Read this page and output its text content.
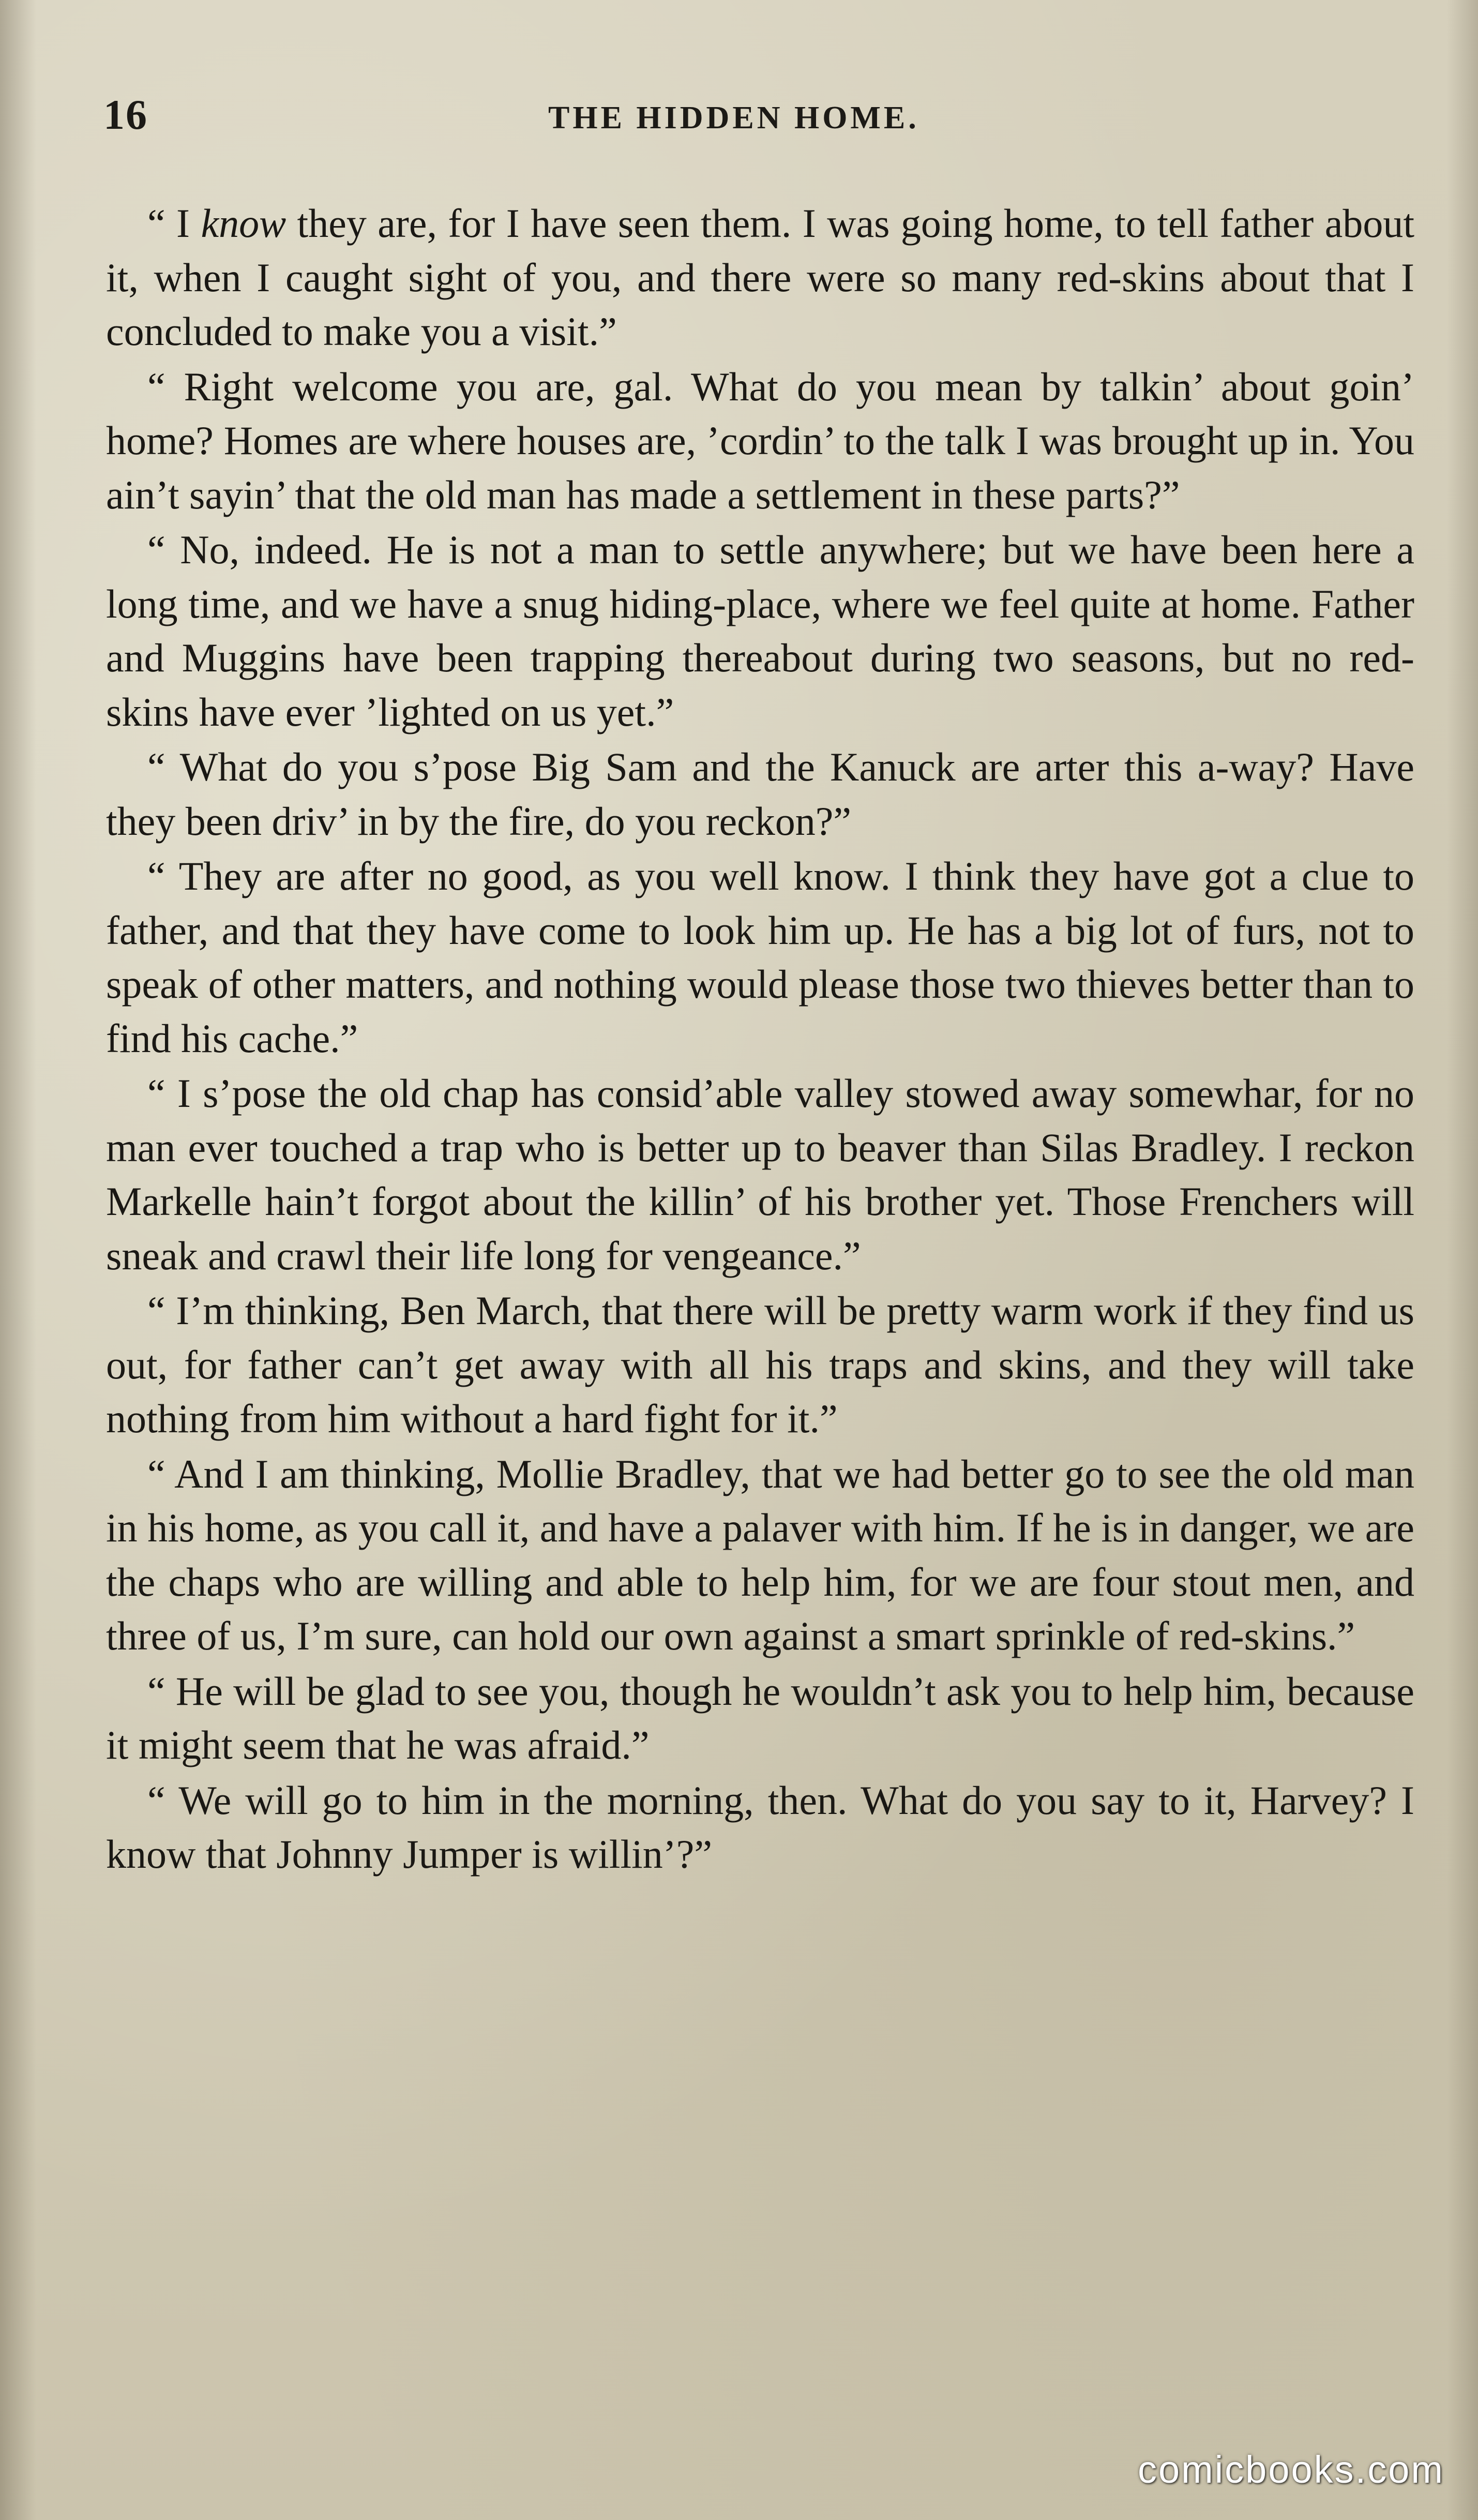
16	THE HIDDEN HOME.

“ I know they are, for I have seen them. I was going home, to tell father about it, when I caught sight of you, and there were so many red-skins about that I concluded to make you a visit.”

“ Right welcome you are, gal. What do you mean by talkin’ about goin’ home? Homes are where houses are, ’cordin’ to the talk I was brought up in. You ain’t sayin’ that the old man has made a settlement in these parts?”

“ No, indeed. He is not a man to settle anywhere; but we have been here a long time, and we have a snug hiding-place, where we feel quite at home. Father and Muggins have been trapping thereabout during two seasons, but no red-skins have ever ’lighted on us yet.”

“ What do you s’pose Big Sam and the Kanuck are arter this a-way? Have they been driv’ in by the fire, do you reckon?”

“ They are after no good, as you well know. I think they have got a clue to father, and that they have come to look him up. He has a big lot of furs, not to speak of other matters, and nothing would please those two thieves better than to find his cache.”

“ I s’pose the old chap has consid’able valley stowed away somewhar, for no man ever touched a trap who is better up to beaver than Silas Bradley. I reckon Markelle hain’t forgot about the killin’ of his brother yet. Those Frenchers will sneak and crawl their life long for vengeance.”

“ I’m thinking, Ben March, that there will be pretty warm work if they find us out, for father can’t get away with all his traps and skins, and they will take nothing from him without a hard fight for it.”

“ And I am thinking, Mollie Bradley, that we had better go to see the old man in his home, as you call it, and have a palaver with him. If he is in danger, we are the chaps who are willing and able to help him, for we are four stout men, and three of us, I’m sure, can hold our own against a smart sprinkle of red-skins.”

“ He will be glad to see you, though he wouldn’t ask you to help him, because it might seem that he was afraid.”

“ We will go to him in the morning, then. What do you say to it, Harvey? I know that Johnny Jumper is willin’?”

comicbooks.com
